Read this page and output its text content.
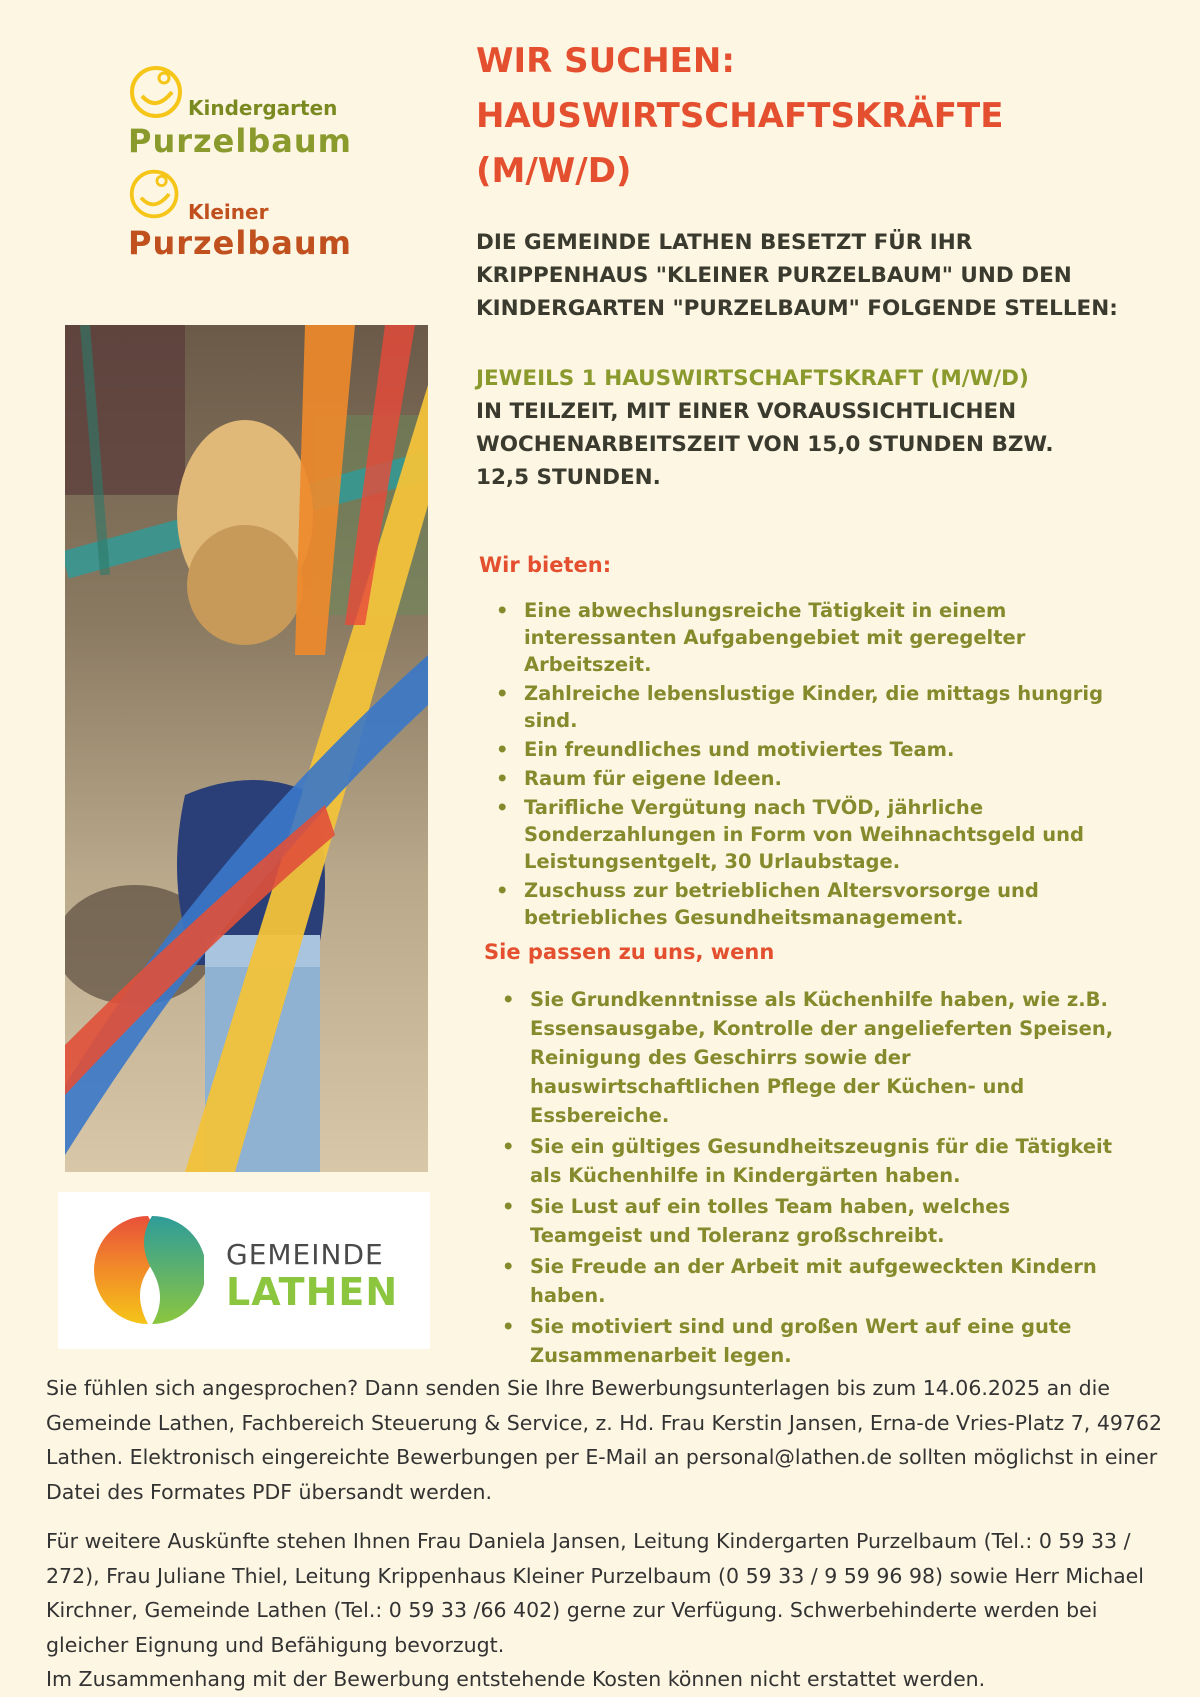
Kindergarten
Purzelbaum
Kleiner
Purzelbaum
GEMEINDE
LATHEN
WIR SUCHEN:
HAUSWIRTSCHAFTSKRÄFTE
(M/W/D)
DIE GEMEINDE LATHEN BESETZT FÜR IHR
KRIPPENHAUS "KLEINER PURZELBAUM" UND DEN
KINDERGARTEN "PURZELBAUM" FOLGENDE STELLEN:
JEWEILS 1 HAUSWIRTSCHAFTSKRAFT (M/W/D)
IN TEILZEIT, MIT EINER VORAUSSICHTLICHEN
WOCHENARBEITSZEIT VON 15,0 STUNDEN BZW.
12,5 STUNDEN.
Wir bieten:
• Eine abwechslungsreiche Tätigkeit in einem interessanten Aufgabengebiet mit geregelter Arbeitszeit.
• Zahlreiche lebenslustige Kinder, die mittags hungrig sind.
• Ein freundliches und motiviertes Team.
• Raum für eigene Ideen.
• Tarifliche Vergütung nach TVÖD, jährliche Sonderzahlungen in Form von Weihnachtsgeld und Leistungsentgelt, 30 Urlaubstage.
• Zuschuss zur betrieblichen Altersvorsorge und betriebliches Gesundheitsmanagement.
Sie passen zu uns, wenn
• Sie Grundkenntnisse als Küchenhilfe haben, wie z.B. Essensausgabe, Kontrolle der angelieferten Speisen, Reinigung des Geschirrs sowie der hauswirtschaftlichen Pflege der Küchen- und Essbereiche.
• Sie ein gültiges Gesundheitszeugnis für die Tätigkeit als Küchenhilfe in Kindergärten haben.
• Sie Lust auf ein tolles Team haben, welches Teamgeist und Toleranz großschreibt.
• Sie Freude an der Arbeit mit aufgeweckten Kindern haben.
• Sie motiviert sind und großen Wert auf eine gute Zusammenarbeit legen.

Sie fühlen sich angesprochen? Dann senden Sie Ihre Bewerbungsunterlagen bis zum 14.06.2025 an die Gemeinde Lathen, Fachbereich Steuerung & Service, z. Hd. Frau Kerstin Jansen, Erna-de Vries-Platz 7, 49762 Lathen. Elektronisch eingereichte Bewerbungen per E-Mail an personal@lathen.de sollten möglichst in einer Datei des Formates PDF übersandt werden.

Für weitere Auskünfte stehen Ihnen Frau Daniela Jansen, Leitung Kindergarten Purzelbaum (Tel.: 0 59 33 / 272), Frau Juliane Thiel, Leitung Krippenhaus Kleiner Purzelbaum (0 59 33 / 9 59 96 98) sowie Herr Michael Kirchner, Gemeinde Lathen (Tel.: 0 59 33 /66 402) gerne zur Verfügung. Schwerbehinderte werden bei gleicher Eignung und Befähigung bevorzugt.

Im Zusammenhang mit der Bewerbung entstehende Kosten können nicht erstattet werden.
